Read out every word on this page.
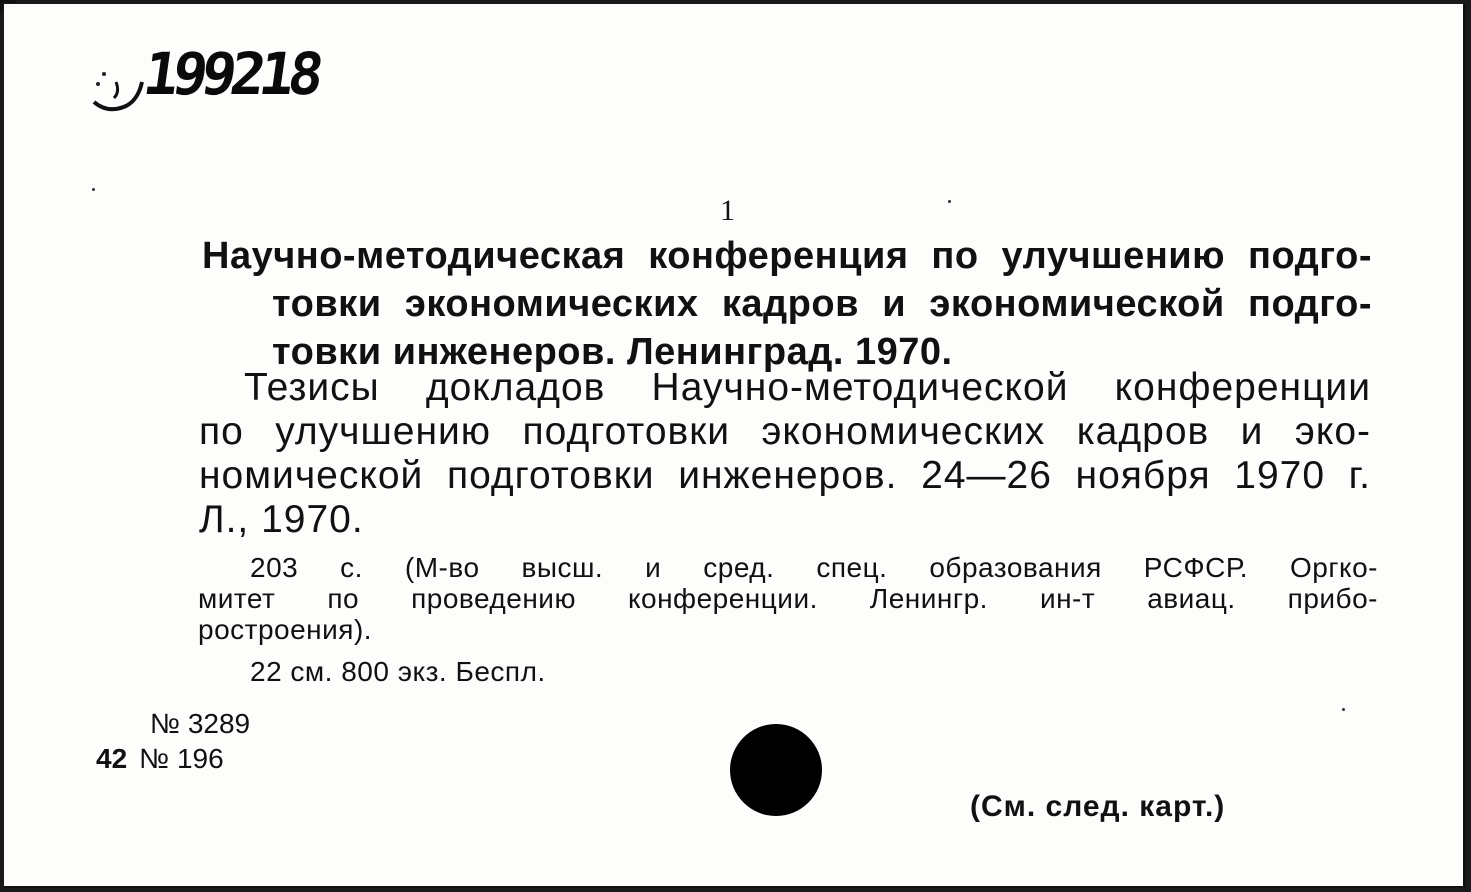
199218
1
Научно-методическая конференция по улучшению подго-
товки экономических кадров и экономической подго-
товки инженеров. Ленинград. 1970.
Тезисы докладов Научно-методической конференции
по улучшению подготовки экономических кадров и эко-
номической подготовки инженеров. 24—26 ноября 1970 г.
Л., 1970.
203 с. (М-во высш. и сред. спец. образования РСФСР. Оргко-
митет по проведению конференции. Ленингр. ин-т авиац. прибо-
ростроения).
22 см. 800 экз. Беспл.
№ 3289
42 № 196
(См. след. карт.)
